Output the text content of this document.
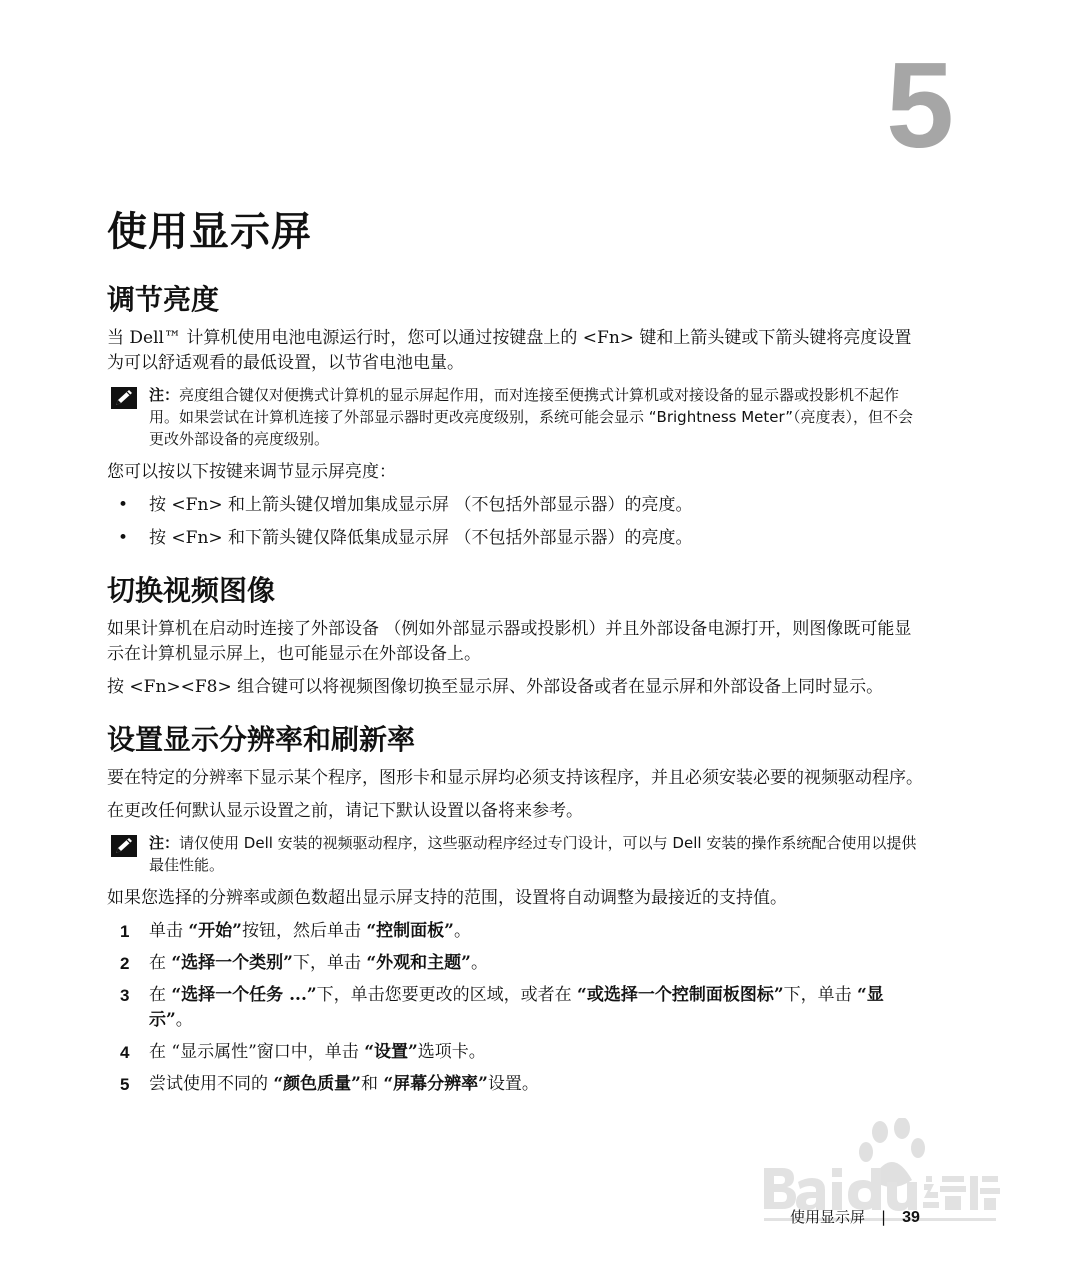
5
使用显示屏
调节亮度

当 Dell™ 计算机使用电池电源运行时，您可以通过按键盘上的 <Fn> 键和上箭头键或下箭头键将亮度设置为可以舒适观看的最低设置，以节省电池电量。

注：亮度组合键仅对便携式计算机的显示屏起作用，而对连接至便携式计算机或对接设备的显示器或投影机不起作用。如果尝试在计算机连接了外部显示器时更改亮度级别，系统可能会显示 “Brightness Meter”（亮度表），但不会更改外部设备的亮度级别。

您可以按以下按键来调节显示屏亮度：

• 按 <Fn> 和上箭头键仅增加集成显示屏 （不包括外部显示器）的亮度。
• 按 <Fn> 和下箭头键仅降低集成显示屏 （不包括外部显示器）的亮度。
切换视频图像

如果计算机在启动时连接了外部设备 （例如外部显示器或投影机）并且外部设备电源打开，则图像既可能显示在计算机显示屏上，也可能显示在外部设备上。

按 <Fn><F8> 组合键可以将视频图像切换至显示屏、外部设备或者在显示屏和外部设备上同时显示。

设置显示分辨率和刷新率

要在特定的分辨率下显示某个程序，图形卡和显示屏均必须支持该程序，并且必须安装必要的视频驱动程序。

在更改任何默认显示设置之前，请记下默认设置以备将来参考。

注：请仅使用 Dell 安装的视频驱动程序，这些驱动程序经过专门设计，可以与 Dell 安装的操作系统配合使用以提供最佳性能。

如果您选择的分辨率或颜色数超出显示屏支持的范围，设置将自动调整为最接近的支持值。

1 单击 “开始”按钮，然后单击 “控制面板”。
2 在 “选择一个类别”下，单击 “外观和主题”。
3 在 “选择一个任务 ...”下，单击您要更改的区域，或者在 “或选择一个控制面板图标”下，单击 “显示”。
4 在 “显示属性”窗口中，单击 “设置”选项卡。
5 尝试使用不同的 “颜色质量”和 “屏幕分辨率”设置。
使用显示屏 | 39
